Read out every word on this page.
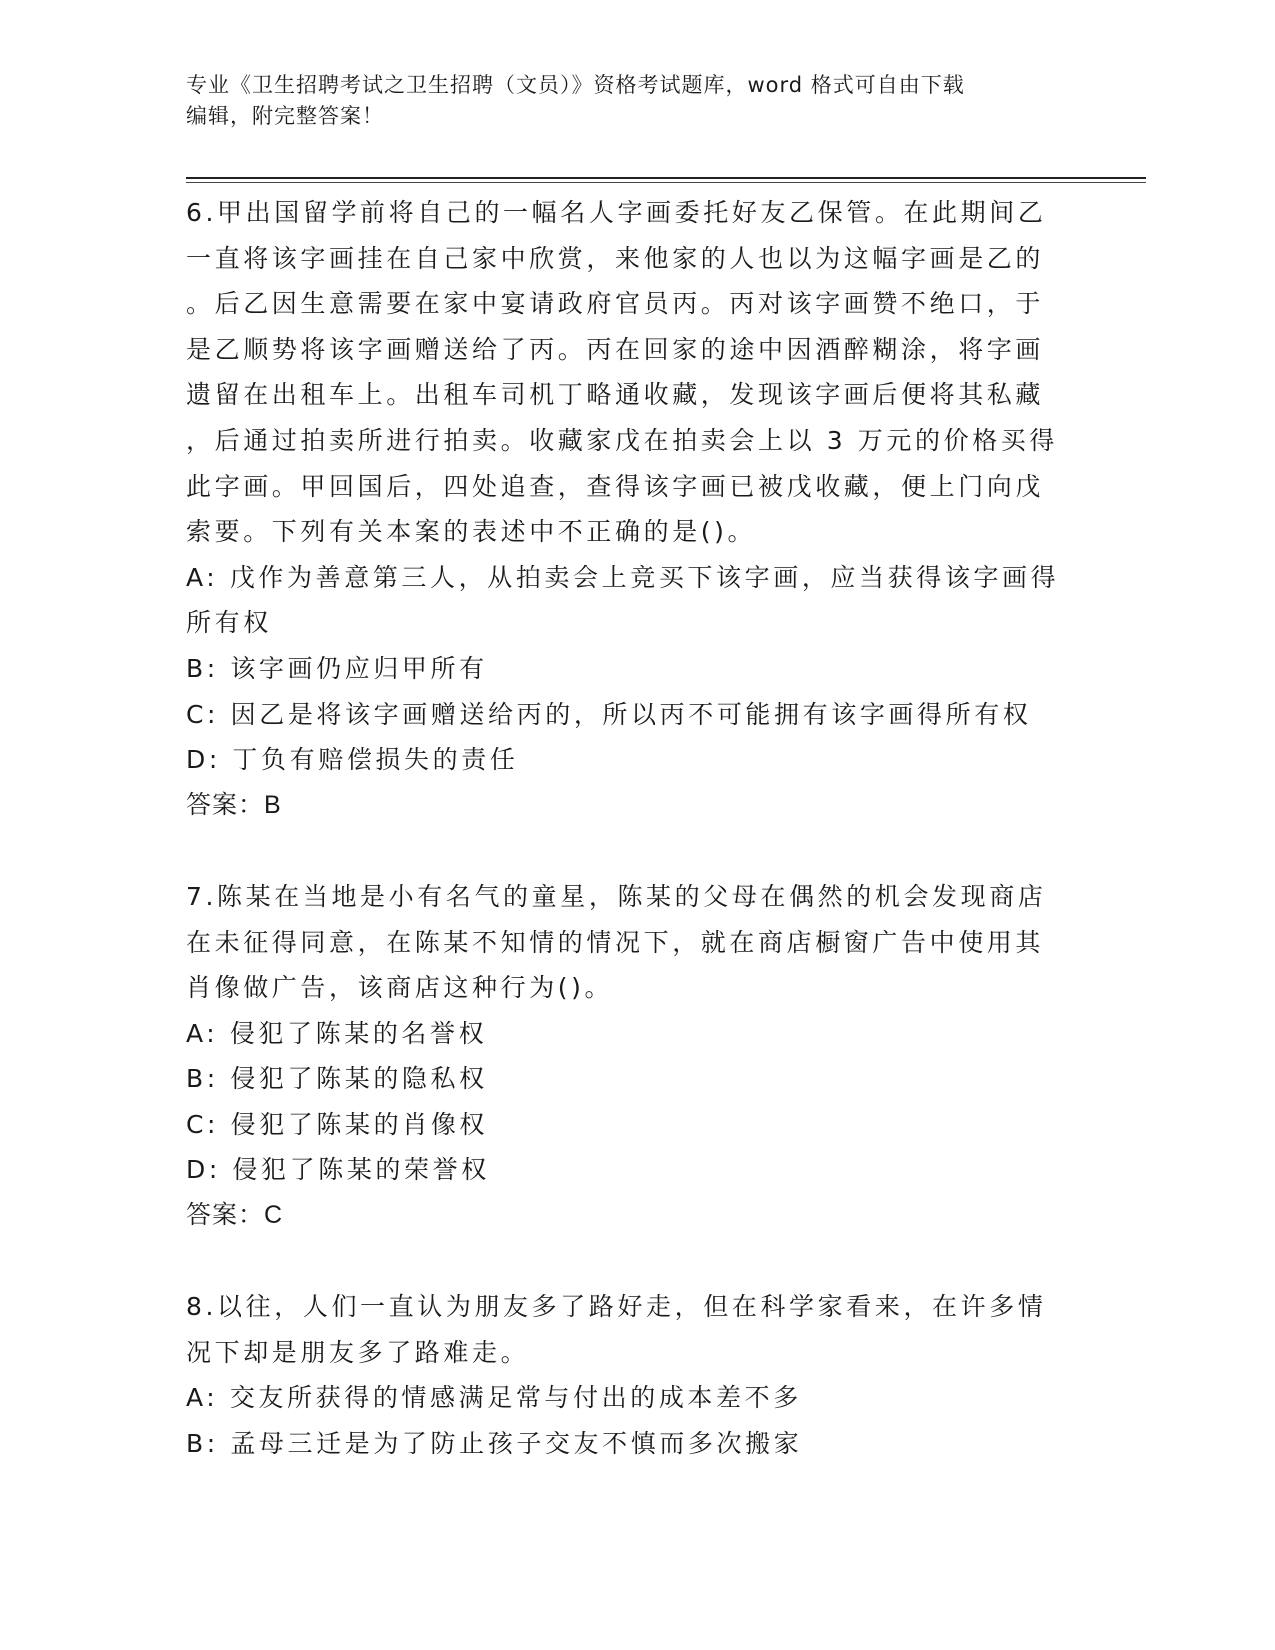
专业《卫生招聘考试之卫生招聘（文员）》资格考试题库，word 格式可自由下载
编辑，附完整答案！
6.甲出国留学前将自己的一幅名人字画委托好友乙保管。在此期间乙
一直将该字画挂在自己家中欣赏，来他家的人也以为这幅字画是乙的
。后乙因生意需要在家中宴请政府官员丙。丙对该字画赞不绝口，于
是乙顺势将该字画赠送给了丙。丙在回家的途中因酒醉糊涂，将字画
遗留在出租车上。出租车司机丁略通收藏，发现该字画后便将其私藏
，后通过拍卖所进行拍卖。收藏家戊在拍卖会上以 3 万元的价格买得
此字画。甲回国后，四处追查，查得该字画已被戊收藏，便上门向戊
索要。下列有关本案的表述中不正确的是()。
A: 戊作为善意第三人，从拍卖会上竞买下该字画，应当获得该字画得
所有权
B: 该字画仍应归甲所有
C: 因乙是将该字画赠送给丙的，所以丙不可能拥有该字画得所有权
D: 丁负有赔偿损失的责任
答案：B
7.陈某在当地是小有名气的童星，陈某的父母在偶然的机会发现商店
在未征得同意，在陈某不知情的情况下，就在商店橱窗广告中使用其
肖像做广告，该商店这种行为()。
A: 侵犯了陈某的名誉权
B: 侵犯了陈某的隐私权
C: 侵犯了陈某的肖像权
D: 侵犯了陈某的荣誉权
答案：C
8.以往，人们一直认为朋友多了路好走，但在科学家看来，在许多情
况下却是朋友多了路难走。
A: 交友所获得的情感满足常与付出的成本差不多
B: 孟母三迁是为了防止孩子交友不慎而多次搬家
